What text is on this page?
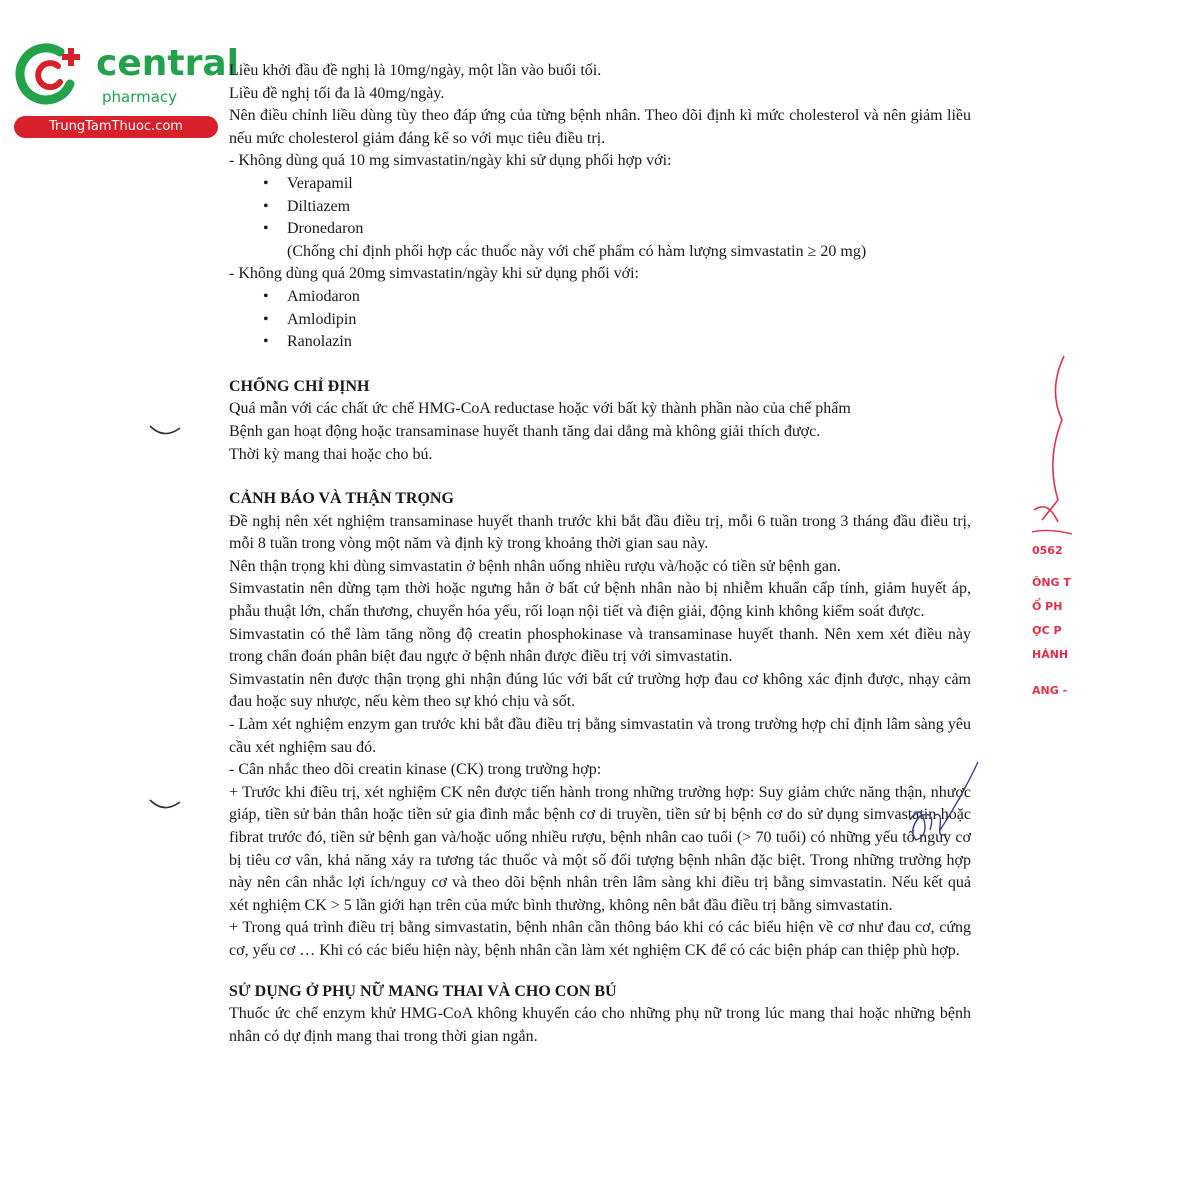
central
pharmacy
TrungTamThuoc.com

Liều khởi đầu đề nghị là 10mg/ngày, một lần vào buổi tối.

Liều đề nghị tối đa là 40mg/ngày.

Nên điều chỉnh liều dùng tùy theo đáp ứng của từng bệnh nhân. Theo dõi định kì mức cholesterol và nên giảm liều nếu mức cholesterol giảm đáng kể so với mục tiêu điều trị.

- Không dùng quá 10 mg simvastatin/ngày khi sử dụng phối hợp với:

• Verapamil
• Diltiazem
• Dronedaron

(Chống chỉ định phối hợp các thuốc này với chế phẩm có hàm lượng simvastatin ≥ 20 mg)

- Không dùng quá 20mg simvastatin/ngày khi sử dụng phối với:

• Amiodaron
• Amlodipin
• Ranolazin

CHỐNG CHỈ ĐỊNH

Quá mẫn với các chất ức chế HMG-CoA reductase hoặc với bất kỳ thành phần nào của chế phẩm

Bệnh gan hoạt động hoặc transaminase huyết thanh tăng dai dẳng mà không giải thích được.

Thời kỳ mang thai hoặc cho bú.

CẢNH BÁO VÀ THẬN TRỌNG

Đề nghị nên xét nghiệm transaminase huyết thanh trước khi bắt đầu điều trị, mỗi 6 tuần trong 3 tháng đầu điều trị, mỗi 8 tuần trong vòng một năm và định kỳ trong khoảng thời gian sau này.

Nên thận trọng khi dùng simvastatin ở bệnh nhân uống nhiều rượu và/hoặc có tiền sử bệnh gan.

Simvastatin nên dừng tạm thời hoặc ngưng hẳn ở bất cứ bệnh nhân nào bị nhiễm khuẩn cấp tính, giảm huyết áp, phẫu thuật lớn, chấn thương, chuyển hóa yếu, rối loạn nội tiết và điện giải, động kinh không kiểm soát được.

Simvastatin có thể làm tăng nồng độ creatin phosphokinase và transaminase huyết thanh. Nên xem xét điều này trong chẩn đoán phân biệt đau ngực ở bệnh nhân được điều trị với simvastatin.

Simvastatin nên được thận trọng ghi nhận đúng lúc với bất cứ trường hợp đau cơ không xác định được, nhạy cảm đau hoặc suy nhược, nếu kèm theo sự khó chịu và sốt.

- Làm xét nghiệm enzym gan trước khi bắt đầu điều trị bằng simvastatin và trong trường hợp chỉ định lâm sàng yêu cầu xét nghiệm sau đó.

- Cân nhắc theo dõi creatin kinase (CK) trong trường hợp:

+ Trước khi điều trị, xét nghiệm CK nên được tiến hành trong những trường hợp: Suy giảm chức năng thận, nhược giáp, tiền sử bản thân hoặc tiền sử gia đình mắc bệnh cơ di truyền, tiền sử bị bệnh cơ do sử dụng simvastatin hoặc fibrat trước đó, tiền sử bệnh gan và/hoặc uống nhiều rượu, bệnh nhân cao tuổi (> 70 tuổi) có những yếu tố nguy cơ bị tiêu cơ vân, khả năng xảy ra tương tác thuốc và một số đối tượng bệnh nhân đặc biệt. Trong những trường hợp này nên cân nhắc lợi ích/nguy cơ và theo dõi bệnh nhân trên lâm sàng khi điều trị bằng simvastatin. Nếu kết quả xét nghiệm CK > 5 lần giới hạn trên của mức bình thường, không nên bắt đầu điều trị bằng simvastatin.

+ Trong quá trình điều trị bằng simvastatin, bệnh nhân cần thông báo khi có các biểu hiện về cơ như đau cơ, cứng cơ, yếu cơ … Khi có các biểu hiện này, bệnh nhân cần làm xét nghiệm CK để có các biện pháp can thiệp phù hợp.

SỬ DỤNG Ở PHỤ NỮ MANG THAI VÀ CHO CON BÚ

Thuốc ức chế enzym khử HMG-CoA không khuyến cáo cho những phụ nữ trong lúc mang thai hoặc những bệnh nhân có dự định mang thai trong thời gian ngắn.

0562
ÔNG T
Ổ PH
ỢC P
HÁNH
ANG -
